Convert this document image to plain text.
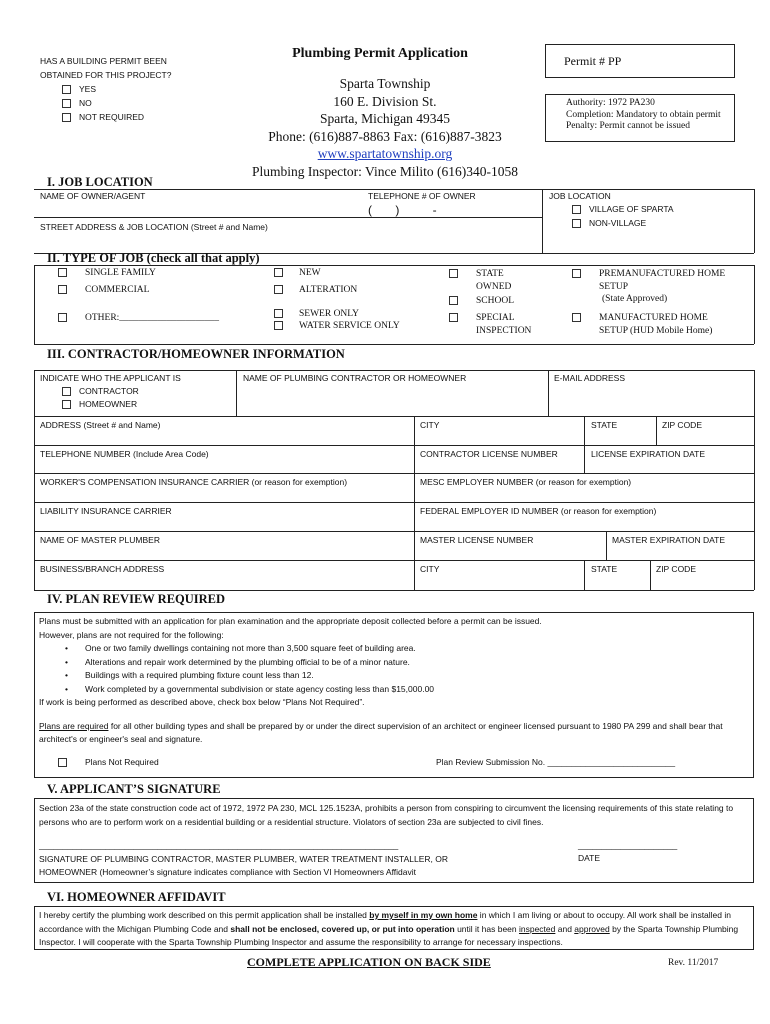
HAS A BUILDING PERMIT BEEN OBTAINED FOR THIS PROJECT?
YES
NO
NOT REQUIRED
Plumbing Permit Application
Sparta Township
160 E. Division St.
Sparta, Michigan 49345
Phone: (616)887-8863 Fax: (616)887-3823
www.spartatownship.org
Plumbing Inspector: Vince Milito (616)340-1058
Permit # PP
Authority: 1972 PA230
Completion: Mandatory to obtain permit
Penalty: Permit cannot be issued
I. JOB LOCATION
NAME OF OWNER/AGENT	TELEPHONE # OF OWNER
(       )          -
STREET ADDRESS & JOB LOCATION (Street # and Name)
JOB LOCATION
VILLAGE OF SPARTA
NON-VILLAGE
II. TYPE OF JOB (check all that apply)
SINGLE FAMILY
COMMERCIAL
OTHER:_____________________
NEW
ALTERATION
SEWER ONLY
WATER SERVICE ONLY
STATE
OWNED
SCHOOL
SPECIAL
INSPECTION
PREMANUFACTURED HOME
SETUP
(State Approved)
MANUFACTURED HOME
SETUP (HUD Mobile Home)
III. CONTRACTOR/HOMEOWNER INFORMATION
INDICATE WHO THE APPLICANT IS
CONTRACTOR
HOMEOWNER
NAME OF PLUMBING CONTRACTOR OR HOMEOWNER	E-MAIL ADDRESS
ADDRESS (Street # and Name)	CITY	STATE	ZIP CODE
TELEPHONE NUMBER (Include Area Code)	CONTRACTOR LICENSE NUMBER	LICENSE EXPIRATION DATE
WORKER'S COMPENSATION INSURANCE CARRIER (or reason for exemption)	MESC EMPLOYER NUMBER (or reason for exemption)
LIABILITY INSURANCE CARRIER	FEDERAL EMPLOYER ID NUMBER (or reason for exemption)
NAME OF MASTER PLUMBER	MASTER LICENSE NUMBER	MASTER EXPIRATION DATE
BUSINESS/BRANCH ADDRESS	CITY	STATE	ZIP CODE
IV. PLAN REVIEW REQUIRED
Plans must be submitted with an application for plan examination and the appropriate deposit collected before a permit can be issued.
However, plans are not required for the following:
• One or two family dwellings containing not more than 3,500 square feet of building area.
• Alterations and repair work determined by the plumbing official to be of a minor nature.
• Buildings with a required plumbing fixture count less than 12.
• Work completed by a governmental subdivision or state agency costing less than $15,000.00
If work is being performed as described above, check box below “Plans Not Required”.
Plans are required for all other building types and shall be prepared by or under the direct supervision of an architect or engineer licensed pursuant to 1980 PA 299 and shall bear that architect's or engineer's seal and signature.
Plans Not Required	Plan Review Submission No. ___________________________
V. APPLICANT’S SIGNATURE
Section 23a of the state construction code act of 1972, 1972 PA 230, MCL 125.1523A, prohibits a person from conspiring to circumvent the licensing requirements of this state relating to persons who are to perform work on a residential building or a residential structure. Violators of section 23a are subjected to civil fines.
____________________________________________________________________________	_____________________
SIGNATURE OF PLUMBING CONTRACTOR, MASTER PLUMBER, WATER TREATMENT INSTALLER, OR
HOMEOWNER (Homeowner’s signature indicates compliance with Section VI Homeowners Affidavit
DATE
VI. HOMEOWNER AFFIDAVIT
I hereby certify the plumbing work described on this permit application shall be installed by myself in my own home in which I am living or about to occupy. All work shall be installed in accordance with the Michigan Plumbing Code and shall not be enclosed, covered up, or put into operation until it has been inspected and approved by the Sparta Township Plumbing Inspector. I will cooperate with the Sparta Township Plumbing Inspector and assume the responsibility to arrange for necessary inspections.
COMPLETE APPLICATION ON BACK SIDE	Rev. 11/2017
